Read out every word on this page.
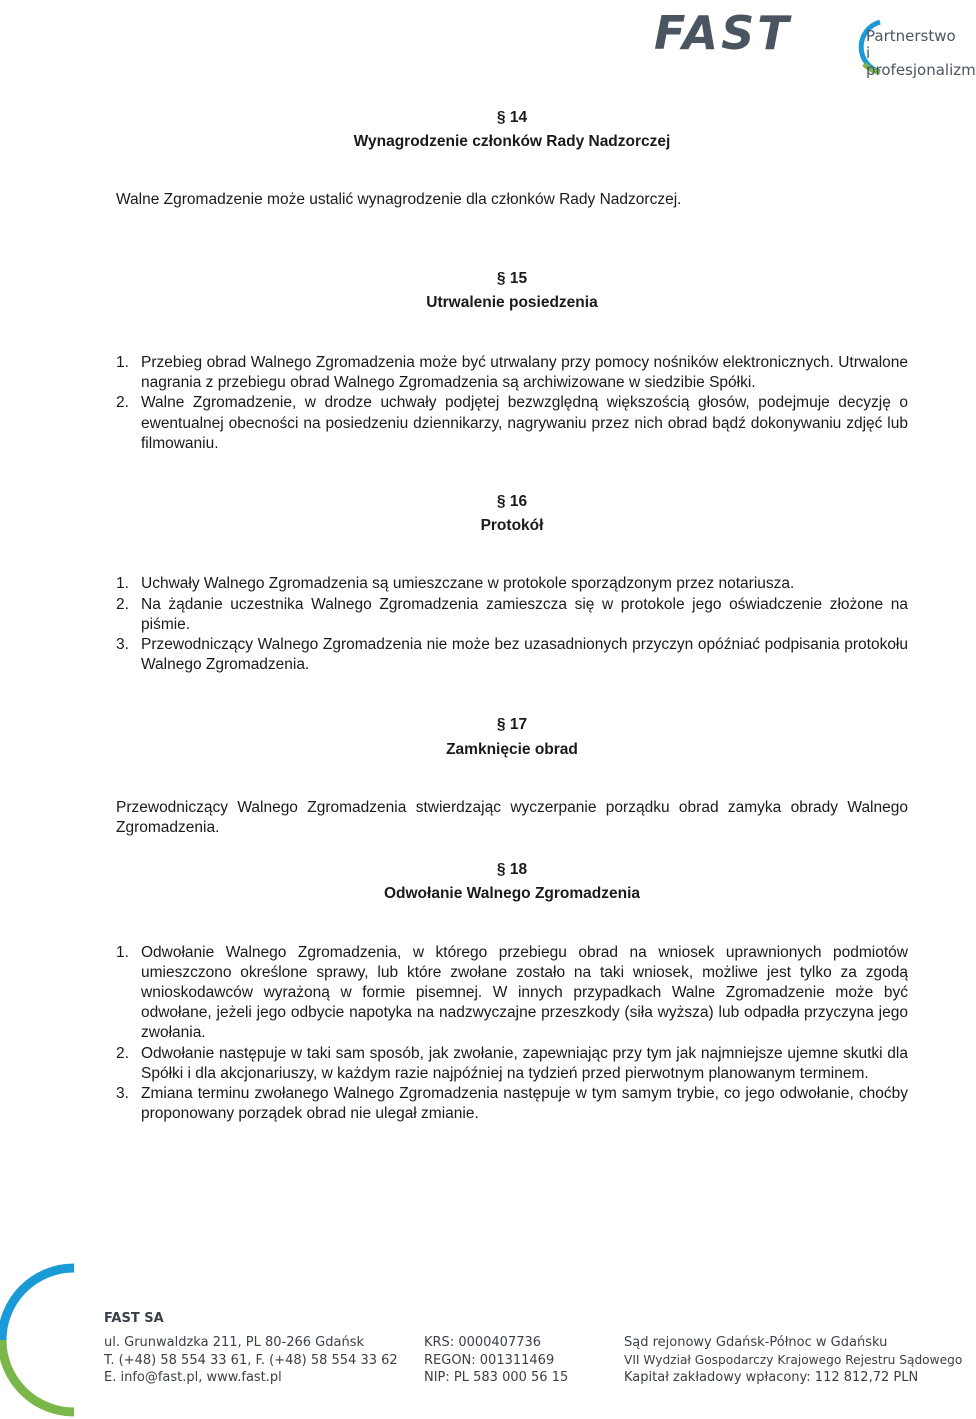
FAST	Partnerstwo
i profesjonalizm
§ 14
Wynagrodzenie członków Rady Nadzorczej
Walne Zgromadzenie może ustalić wynagrodzenie dla członków Rady Nadzorczej.
§ 15
Utrwalenie posiedzenia
1. Przebieg obrad Walnego Zgromadzenia może być utrwalany przy pomocy nośników elektronicznych. Utrwalone nagrania z przebiegu obrad Walnego Zgromadzenia są archiwizowane w siedzibie Spółki.
2. Walne Zgromadzenie, w drodze uchwały podjętej bezwzględną większością głosów, podejmuje decyzję o ewentualnej obecności na posiedzeniu dziennikarzy, nagrywaniu przez nich obrad bądź dokonywaniu zdjęć lub filmowaniu.
§ 16
Protokół
1. Uchwały Walnego Zgromadzenia są umieszczane w protokole sporządzonym przez notariusza.
2. Na żądanie uczestnika Walnego Zgromadzenia zamieszcza się w protokole jego oświadczenie złożone na piśmie.
3. Przewodniczący Walnego Zgromadzenia nie może bez uzasadnionych przyczyn opóźniać podpisania protokołu Walnego Zgromadzenia.
§ 17
Zamknięcie obrad
Przewodniczący Walnego Zgromadzenia stwierdzając wyczerpanie porządku obrad zamyka obrady Walnego Zgromadzenia.
§ 18
Odwołanie Walnego Zgromadzenia
1. Odwołanie Walnego Zgromadzenia, w którego przebiegu obrad na wniosek uprawnionych podmiotów umieszczono określone sprawy, lub które zwołane zostało na taki wniosek, możliwe jest tylko za zgodą wnioskodawców wyrażoną w formie pisemnej. W innych przypadkach Walne Zgromadzenie może być odwołane, jeżeli jego odbycie napotyka na nadzwyczajne przeszkody (siła wyższa) lub odpadła przyczyna jego zwołania.
2. Odwołanie następuje w taki sam sposób, jak zwołanie, zapewniając przy tym jak najmniejsze ujemne skutki dla Spółki i dla akcjonariuszy, w każdym razie najpóźniej na tydzień przed pierwotnym planowanym terminem.
3. Zmiana terminu zwołanego Walnego Zgromadzenia następuje w tym samym trybie, co jego odwołanie, choćby proponowany porządek obrad nie ulegał zmianie.
FAST SA
ul. Grunwaldzka 211, PL 80-266 Gdańsk
T. (+48) 58 554 33 61, F. (+48) 58 554 33 62
E. info@fast.pl, www.fast.pl
KRS: 0000407736
REGON: 001311469
NIP: PL 583 000 56 15
Sąd rejonowy Gdańsk-Północ w Gdańsku
VII Wydział Gospodarczy Krajowego Rejestru Sądowego
Kapitał zakładowy wpłacony: 112 812,72 PLN
